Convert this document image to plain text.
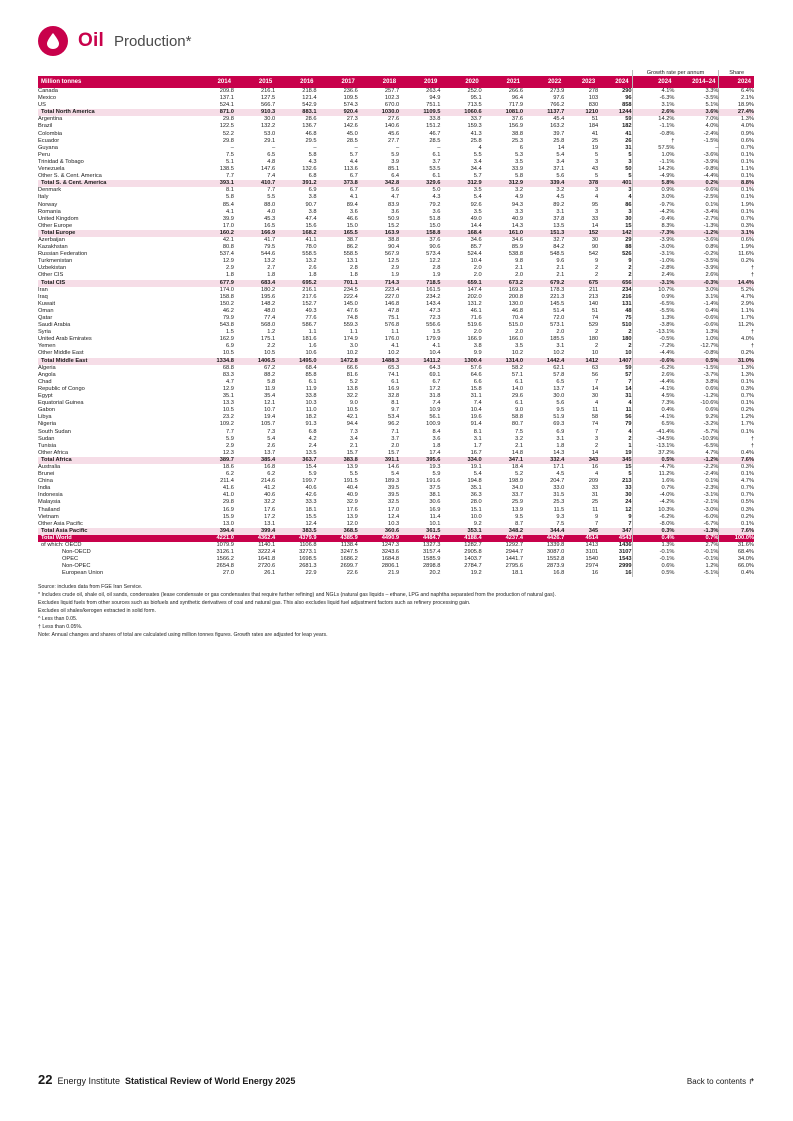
Oil Production*
												Growth rate per annum		Share
Million tonnes	2014	2015	2016	2017	2018	2019	2020	2021	2022	2023	2024	2024	2014–24	2024
Canada	209.8	216.1	218.8	236.6	257.7	263.4	252.0	266.6	273.9	278	290	4.1%	3.3%	6.4%
Mexico	137.1	127.5	121.4	109.5	102.3	94.9	95.1	96.4	97.6	103	96	-6.3%	-3.5%	2.1%
US	524.1	566.7	542.9	574.3	670.0	751.1	713.5	717.9	766.2	830	858	3.1%	5.1%	18.9%
Total North America	871.0	910.3	883.1	920.4	1030.0	1109.5	1060.6	1081.0	1137.7	1210	1244	2.6%	3.6%	27.4%
Argentina	29.8	30.0	28.6	27.3	27.6	33.8	33.7	37.6	45.4	51	59	14.2%	7.0%	1.3%
Brazil	122.5	132.2	136.7	142.6	140.6	151.2	159.3	156.9	163.2	184	182	-1.1%	4.0%	4.0%
Colombia	52.2	53.0	46.8	45.0	45.6	46.7	41.3	38.8	39.7	41	41	-0.8%	-2.4%	0.9%
Ecuador	29.8	29.1	29.5	28.5	27.7	28.5	25.8	25.3	25.8	25	26	†	-1.5%	0.6%
Guyana	–	–	–	–	–	–	4	6	14	19	31	57.5%	–	0.7%
Peru	7.5	6.5	5.8	5.7	5.9	6.1	5.5	5.3	5.4	5	5	1.0%	-3.6%	0.1%
Trinidad & Tobago	5.1	4.8	4.3	4.4	3.9	3.7	3.4	3.5	3.4	3	3	-1.1%	-3.9%	0.1%
Venezuela	138.5	147.6	132.6	113.6	85.1	53.5	34.4	33.9	37.1	43	50	14.2%	-9.8%	1.1%
Other S. & Cent. America	7.7	7.4	6.8	6.7	6.4	6.1	5.7	5.8	5.6	5	5	-4.9%	-4.4%	0.1%
Total S. & Cent. America	393.1	410.7	391.2	373.8	342.8	329.6	312.9	312.9	339.4	378	401	5.8%	0.2%	8.8%
Denmark	8.1	7.7	6.9	6.7	5.6	5.0	3.5	3.2	3.2	3	3	0.9%	-9.6%	0.1%
Italy	5.8	5.5	3.8	4.1	4.7	4.3	5.4	4.9	4.5	4	4	3.0%	-2.5%	0.1%
Norway	85.4	88.0	90.7	89.4	83.9	79.2	92.6	94.3	89.2	95	86	-9.7%	0.1%	1.9%
Romania	4.1	4.0	3.8	3.6	3.6	3.6	3.5	3.3	3.1	3	3	-4.2%	-3.4%	0.1%
United Kingdom	39.9	45.3	47.4	46.6	50.9	51.8	49.0	40.9	37.8	33	30	-9.4%	-2.7%	0.7%
Other Europe	17.0	16.5	15.6	15.0	15.2	15.0	14.4	14.3	13.5	14	15	8.3%	-1.3%	0.3%
Total Europe	160.2	166.9	168.2	165.5	163.9	158.8	168.4	161.0	151.3	152	142	-7.3%	-1.2%	3.1%
Azerbaijan	42.1	41.7	41.1	38.7	38.8	37.6	34.6	34.6	32.7	30	29	-3.9%	-3.6%	0.6%
Kazakhstan	80.8	79.5	78.0	86.2	90.4	90.6	85.7	85.9	84.2	90	88	-3.0%	0.8%	1.9%
Russian Federation	537.4	544.6	558.5	558.5	567.9	573.4	524.4	538.8	548.5	542	526	-3.1%	-0.2%	11.6%
Turkmenistan	12.9	13.2	13.2	13.1	12.5	12.2	10.4	9.8	9.6	9	9	-1.0%	-3.5%	0.2%
Uzbekistan	2.9	2.7	2.6	2.8	2.9	2.8	2.0	2.1	2.1	2	2	-2.8%	-3.9%	†
Other CIS	1.8	1.8	1.8	1.8	1.9	1.9	2.0	2.0	2.1	2	2	2.4%	2.6%	†
Total CIS	677.9	683.4	695.2	701.1	714.3	718.5	659.1	673.2	679.2	675	656	-3.1%	-0.3%	14.4%
Iran	174.0	180.2	216.1	234.5	223.4	161.5	147.4	169.3	178.3	211	234	10.7%	3.0%	5.2%
Iraq	158.8	195.6	217.6	222.4	227.0	234.2	202.0	200.8	221.3	213	216	0.9%	3.1%	4.7%
Kuwait	150.2	148.2	152.7	145.0	146.8	143.4	131.2	130.0	145.5	140	131	-6.5%	-1.4%	2.9%
Oman	46.2	48.0	49.3	47.6	47.8	47.3	46.1	46.8	51.4	51	48	-5.5%	0.4%	1.1%
Qatar	79.9	77.4	77.6	74.8	75.1	72.3	71.6	70.4	72.0	74	75	1.3%	-0.6%	1.7%
Saudi Arabia	543.8	568.0	586.7	559.3	576.8	556.6	519.6	515.0	573.1	529	510	-3.8%	-0.6%	11.2%
Syria	1.5	1.2	1.1	1.1	1.1	1.5	2.0	2.0	2.0	2	2	-13.1%	1.3%	†
United Arab Emirates	162.9	175.1	181.6	174.9	176.0	179.9	166.9	166.0	185.5	180	180	-0.5%	1.0%	4.0%
Yemen	6.9	2.2	1.6	3.0	4.1	4.1	3.8	3.5	3.1	2	2	-7.2%	-12.7%	†
Other Middle East	10.5	10.5	10.6	10.2	10.2	10.4	9.9	10.2	10.2	10	10	-4.4%	-0.8%	0.2%
Total Middle East	1334.8	1406.5	1495.0	1472.8	1488.3	1411.2	1300.4	1314.0	1442.4	1412	1407	-0.6%	0.5%	31.0%
Algeria	68.8	67.2	68.4	66.6	65.3	64.3	57.6	58.2	62.1	63	59	-6.2%	-1.5%	1.3%
Angola	83.3	88.2	85.8	81.6	74.1	69.1	64.6	57.1	57.8	56	57	2.6%	-3.7%	1.3%
Chad	4.7	5.8	6.1	5.2	6.1	6.7	6.6	6.1	6.5	7	7	-4.4%	3.8%	0.1%
Republic of Congo	12.9	11.9	11.9	13.8	16.9	17.2	15.8	14.0	13.7	14	14	-4.1%	0.6%	0.3%
Egypt	35.1	35.4	33.8	32.2	32.8	31.8	31.1	29.6	30.0	30	31	4.5%	-1.2%	0.7%
Equatorial Guinea	13.3	12.1	10.3	9.0	8.1	7.4	7.4	6.1	5.6	4	4	7.3%	-10.6%	0.1%
Gabon	10.5	10.7	11.0	10.5	9.7	10.9	10.4	9.0	9.5	11	11	0.4%	0.6%	0.2%
Libya	23.2	19.4	18.2	42.1	53.4	56.1	19.6	58.8	51.9	58	56	-4.1%	9.2%	1.2%
Nigeria	109.2	105.7	91.3	94.4	96.2	100.9	91.4	80.7	69.3	74	79	6.5%	-3.2%	1.7%
South Sudan	7.7	7.3	6.8	7.3	7.1	8.4	8.1	7.5	6.9	7	4	-41.4%	-5.7%	0.1%
Sudan	5.9	5.4	4.2	3.4	3.7	3.6	3.1	3.2	3.1	3	2	-34.5%	-10.9%	†
Tunisia	2.9	2.6	2.4	2.1	2.0	1.8	1.7	2.1	1.8	2	1	-13.1%	-6.5%	†
Other Africa	12.3	13.7	13.5	15.7	15.7	17.4	16.7	14.8	14.3	14	19	37.2%	4.7%	0.4%
Total Africa	389.7	385.4	363.7	383.8	391.1	395.6	334.0	347.1	332.4	343	345	0.5%	-1.2%	7.6%
Australia	18.6	16.8	15.4	13.9	14.6	19.3	19.1	18.4	17.1	16	15	-4.7%	-2.2%	0.3%
Brunei	6.2	6.2	5.9	5.5	5.4	5.9	5.4	5.2	4.5	4	5	11.2%	-2.4%	0.1%
China	211.4	214.6	199.7	191.5	189.3	191.6	194.8	198.9	204.7	209	213	1.6%	0.1%	4.7%
India	41.6	41.2	40.6	40.4	39.5	37.5	35.1	34.0	33.0	33	33	0.7%	-2.3%	0.7%
Indonesia	41.0	40.6	42.6	40.9	39.5	38.1	36.3	33.7	31.5	31	30	-4.0%	-3.1%	0.7%
Malaysia	29.8	32.2	33.3	32.9	32.5	30.6	28.0	25.9	25.3	25	24	-4.2%	-2.1%	0.5%
Thailand	16.9	17.6	18.1	17.6	17.0	16.9	15.1	13.9	11.5	11	12	10.3%	-3.0%	0.3%
Vietnam	15.9	17.2	15.5	13.9	12.4	11.4	10.0	9.5	9.3	9	9	-6.2%	-6.0%	0.2%
Other Asia Pacific	13.0	13.1	12.4	12.0	10.3	10.1	9.2	8.7	7.5	7	7	-8.0%	-6.7%	0.1%
Total Asia Pacific	394.4	399.4	383.5	368.5	360.6	361.5	353.1	348.2	344.4	345	347	0.3%	-1.3%	7.6%
Total World	4221.0	4362.4	4379.9	4385.9	4490.9	4484.7	4188.4	4237.4	4426.7	4514	4543	0.4%	0.7%	100.0%
of which: OECD	1079.9	1140.1	1106.8	1138.4	1247.3	1327.3	1282.7	1292.7	1339.8	1413	1436	1.3%	2.7%	31.6%
Non-OECD	3126.1	3222.4	3273.1	3247.5	3243.6	3157.4	2905.8	2944.7	3087.0	3101	3107	-0.1%	-0.1%	68.4%
OPEC	1566.2	1641.8	1698.5	1686.2	1684.8	1585.9	1403.7	1441.7	1552.8	1540	1543	-0.1%	-0.1%	34.0%
Non-OPEC	2654.8	2720.6	2681.3	2699.7	2806.1	2898.8	2784.7	2795.6	2873.9	2974	2999	0.6%	1.2%	66.0%
European Union	27.0	26.1	22.9	22.6	21.9	20.2	19.2	18.1	16.8	16	16	0.5%	-5.1%	0.4%
Source: includes data from FGE Iran Service.
* Includes crude oil, shale oil, oil sands, condensates (lease condensate or gas condensates that require further refining) and NGLs (natural gas liquids – ethane, LPG and naphtha separated from the production of natural gas).
Excludes liquid fuels from other sources such as biofuels and synthetic derivatives of coal and natural gas. This also excludes liquid fuel adjustment factors such as refinery processing gain.
Excludes oil shales/kerogen extracted in solid form.
^ Less than 0.05.
† Less than 0.05%.
Note: Annual changes and shares of total are calculated using million tonnes figures. Growth rates are adjusted for leap years.
22 Energy Institute Statistical Review of World Energy 2025	Back to contents ↱
